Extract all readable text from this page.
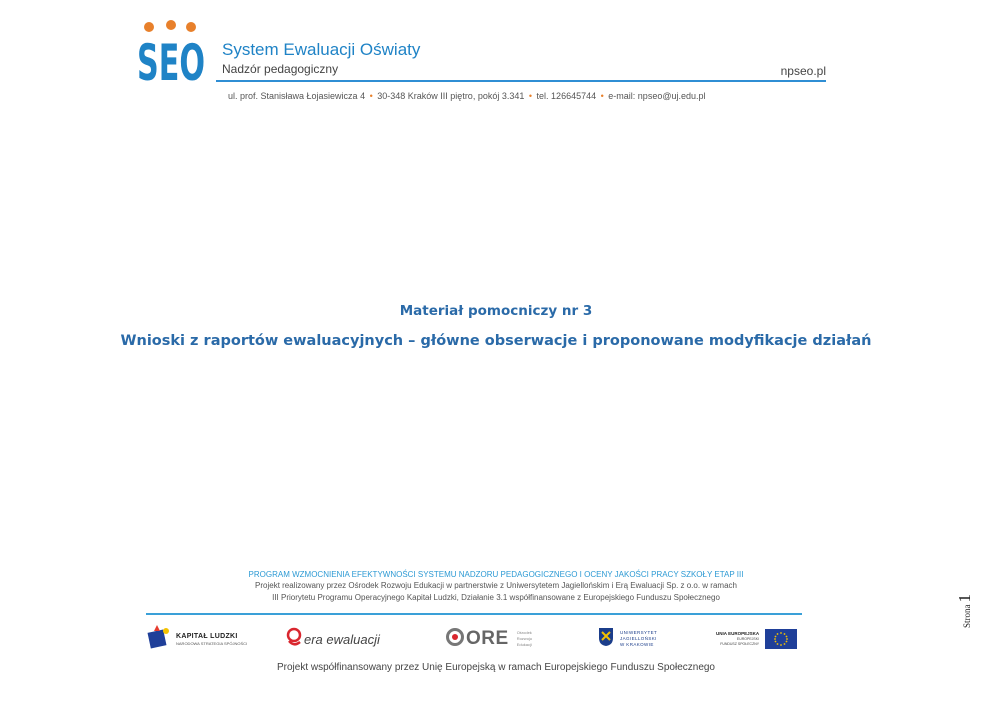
SEO System Ewaluacji Oświaty
Nadzór pedagogiczny	npseo.pl
ul. prof. Stanisława Łojasiewicza 4 • 30-348 Kraków III piętro, pokój 3.341 • tel. 126645744 • e-mail: npseo@uj.edu.pl
Materiał pomocniczy nr 3
Wnioski z raportów ewaluacyjnych – główne obserwacje i proponowane modyfikacje działań
PROGRAM WZMOCNIENIA EFEKTYWNOŚCI SYSTEMU NADZORU PEDAGOGICZNEGO I OCENY JAKOŚCI PRACY SZKOŁY ETAP III
Projekt realizowany przez Ośrodek Rozwoju Edukacji w partnerstwie z Uniwersytetem Jagiellońskim i Erą Ewaluacji Sp. z o.o. w ramach
III Priorytetu Programu Operacyjnego Kapitał Ludzki, Działanie 3.1 współfinansowane z Europejskiego Funduszu Społecznego
KAPITAŁ LUDZKI
NARODOWA STRATEGIA SPÓJNOŚCI	era ewaluacji	ORE Ośrodek
Rozwoju
Edukacji
UNIWERSYTET
JAGIELLOŃSKI
W KRAKOWIE
UNIA EUROPEJSKA
EUROPEJSKI
FUNDUSZ SPOŁECZNY
Projekt współfinansowany przez Unię Europejską w ramach Europejskiego Funduszu Społecznego
Strona1
